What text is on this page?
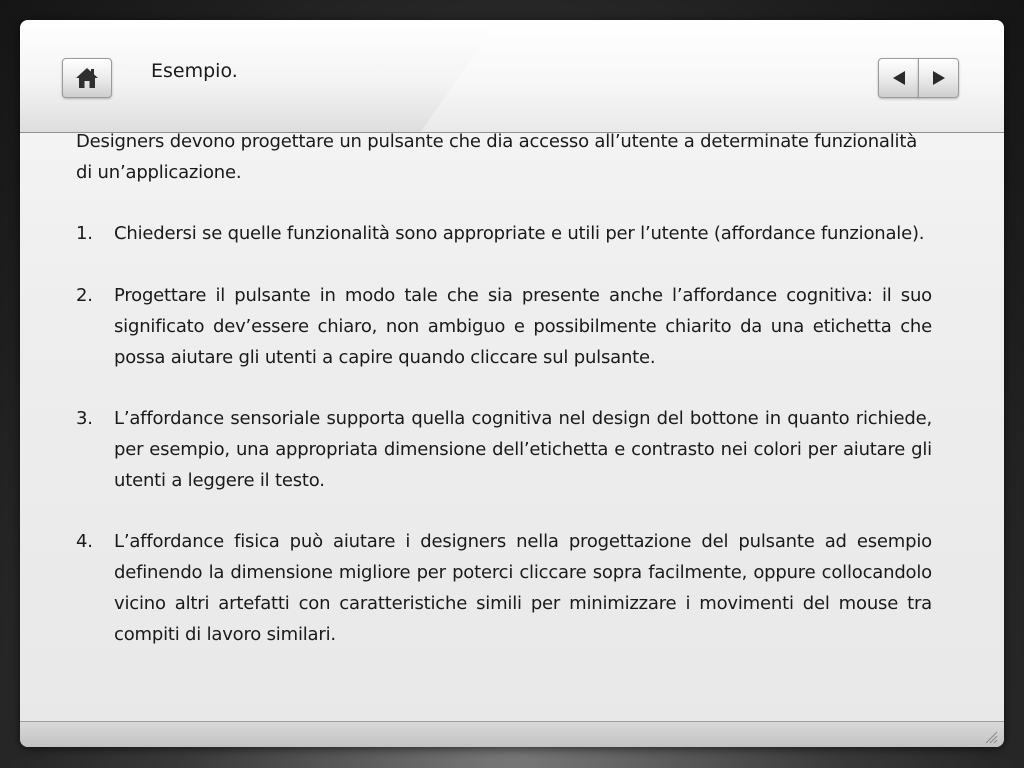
Esempio.

Designers devono progettare un pulsante che dia accesso all’utente a determinate funzionalità di un’applicazione.

1. Chiedersi se quelle funzionalità sono appropriate e utili per l’utente (affordance funzionale).

2. Progettare il pulsante in modo tale che sia presente anche l’affordance cognitiva: il suo significato dev’essere chiaro, non ambiguo e possibilmente chiarito da una etichetta che possa aiutare gli utenti a capire quando cliccare sul pulsante.

3. L’affordance sensoriale supporta quella cognitiva nel design del bottone in quanto richiede, per esempio, una appropriata dimensione dell’etichetta e contrasto nei colori per aiutare gli utenti a leggere il testo.

4. L’affordance fisica può aiutare i designers nella progettazione del pulsante ad esempio definendo la dimensione migliore per poterci cliccare sopra facilmente, oppure collocandolo vicino altri artefatti con caratteristiche simili per minimizzare i movimenti del mouse tra compiti di lavoro similari.
